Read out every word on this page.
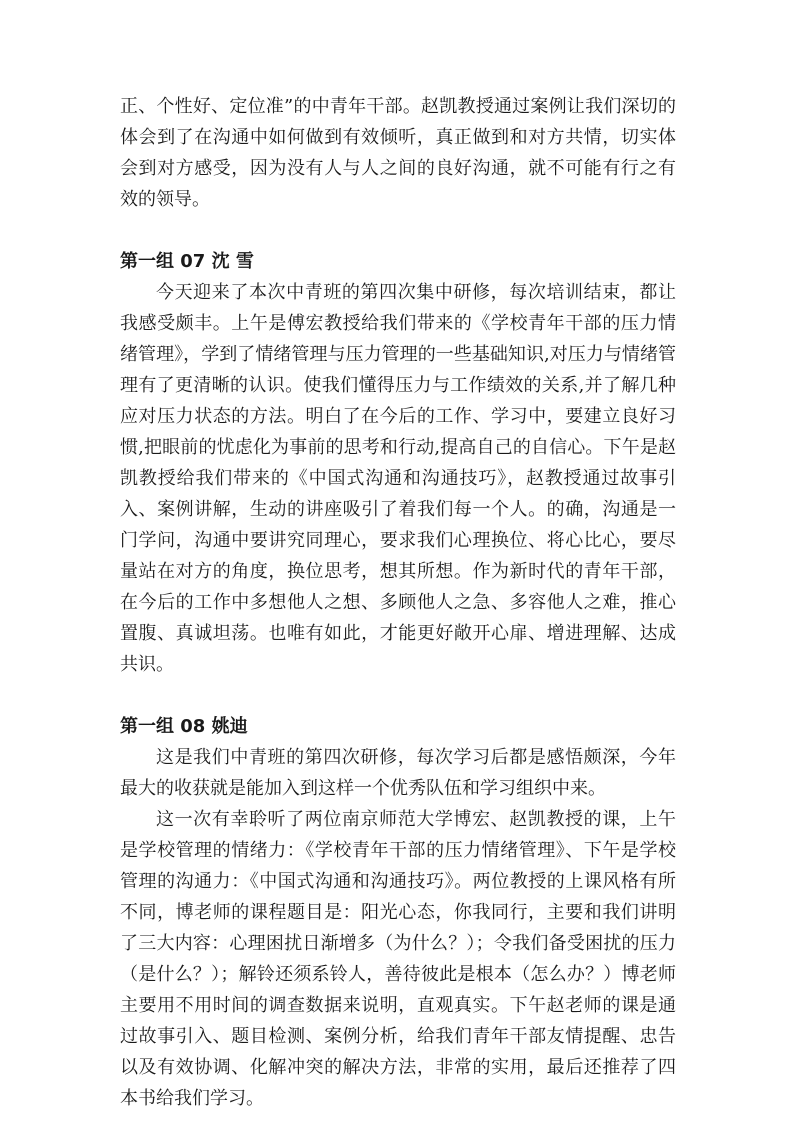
正、个性好、定位准”的中青年干部。赵凯教授通过案例让我们深切的体会到了在沟通中如何做到有效倾听，真正做到和对方共情，切实体会到对方感受，因为没有人与人之间的良好沟通，就不可能有行之有效的领导。

第一组 07 沈 雪

今天迎来了本次中青班的第四次集中研修，每次培训结束，都让我感受颇丰。上午是傅宏教授给我们带来的《学校青年干部的压力情绪管理》，学到了情绪管理与压力管理的一些基础知识,对压力与情绪管理有了更清晰的认识。使我们懂得压力与工作绩效的关系,并了解几种应对压力状态的方法。明白了在今后的工作、学习中，要建立良好习惯,把眼前的忧虑化为事前的思考和行动,提高自己的自信心。下午是赵凯教授给我们带来的《中国式沟通和沟通技巧》，赵教授通过故事引入、案例讲解，生动的讲座吸引了着我们每一个人。的确，沟通是一门学问，沟通中要讲究同理心，要求我们心理换位、将心比心，要尽量站在对方的角度，换位思考，想其所想。作为新时代的青年干部，在今后的工作中多想他人之想、多顾他人之急、多容他人之难，推心置腹、真诚坦荡。也唯有如此，才能更好敞开心扉、增进理解、达成共识。

第一组 08 姚迪

这是我们中青班的第四次研修，每次学习后都是感悟颇深，今年最大的收获就是能加入到这样一个优秀队伍和学习组织中来。

这一次有幸聆听了两位南京师范大学博宏、赵凯教授的课，上午是学校管理的情绪力：《学校青年干部的压力情绪管理》、下午是学校管理的沟通力：《中国式沟通和沟通技巧》。两位教授的上课风格有所不同，博老师的课程题目是：阳光心态，你我同行，主要和我们讲明了三大内容：心理困扰日渐增多（为什么？）；令我们备受困扰的压力（是什么？）；解铃还须系铃人，善待彼此是根本（怎么办？）博老师主要用不用时间的调查数据来说明，直观真实。下午赵老师的课是通过故事引入、题目检测、案例分析，给我们青年干部友情提醒、忠告以及有效协调、化解冲突的解决方法，非常的实用，最后还推荐了四本书给我们学习。
